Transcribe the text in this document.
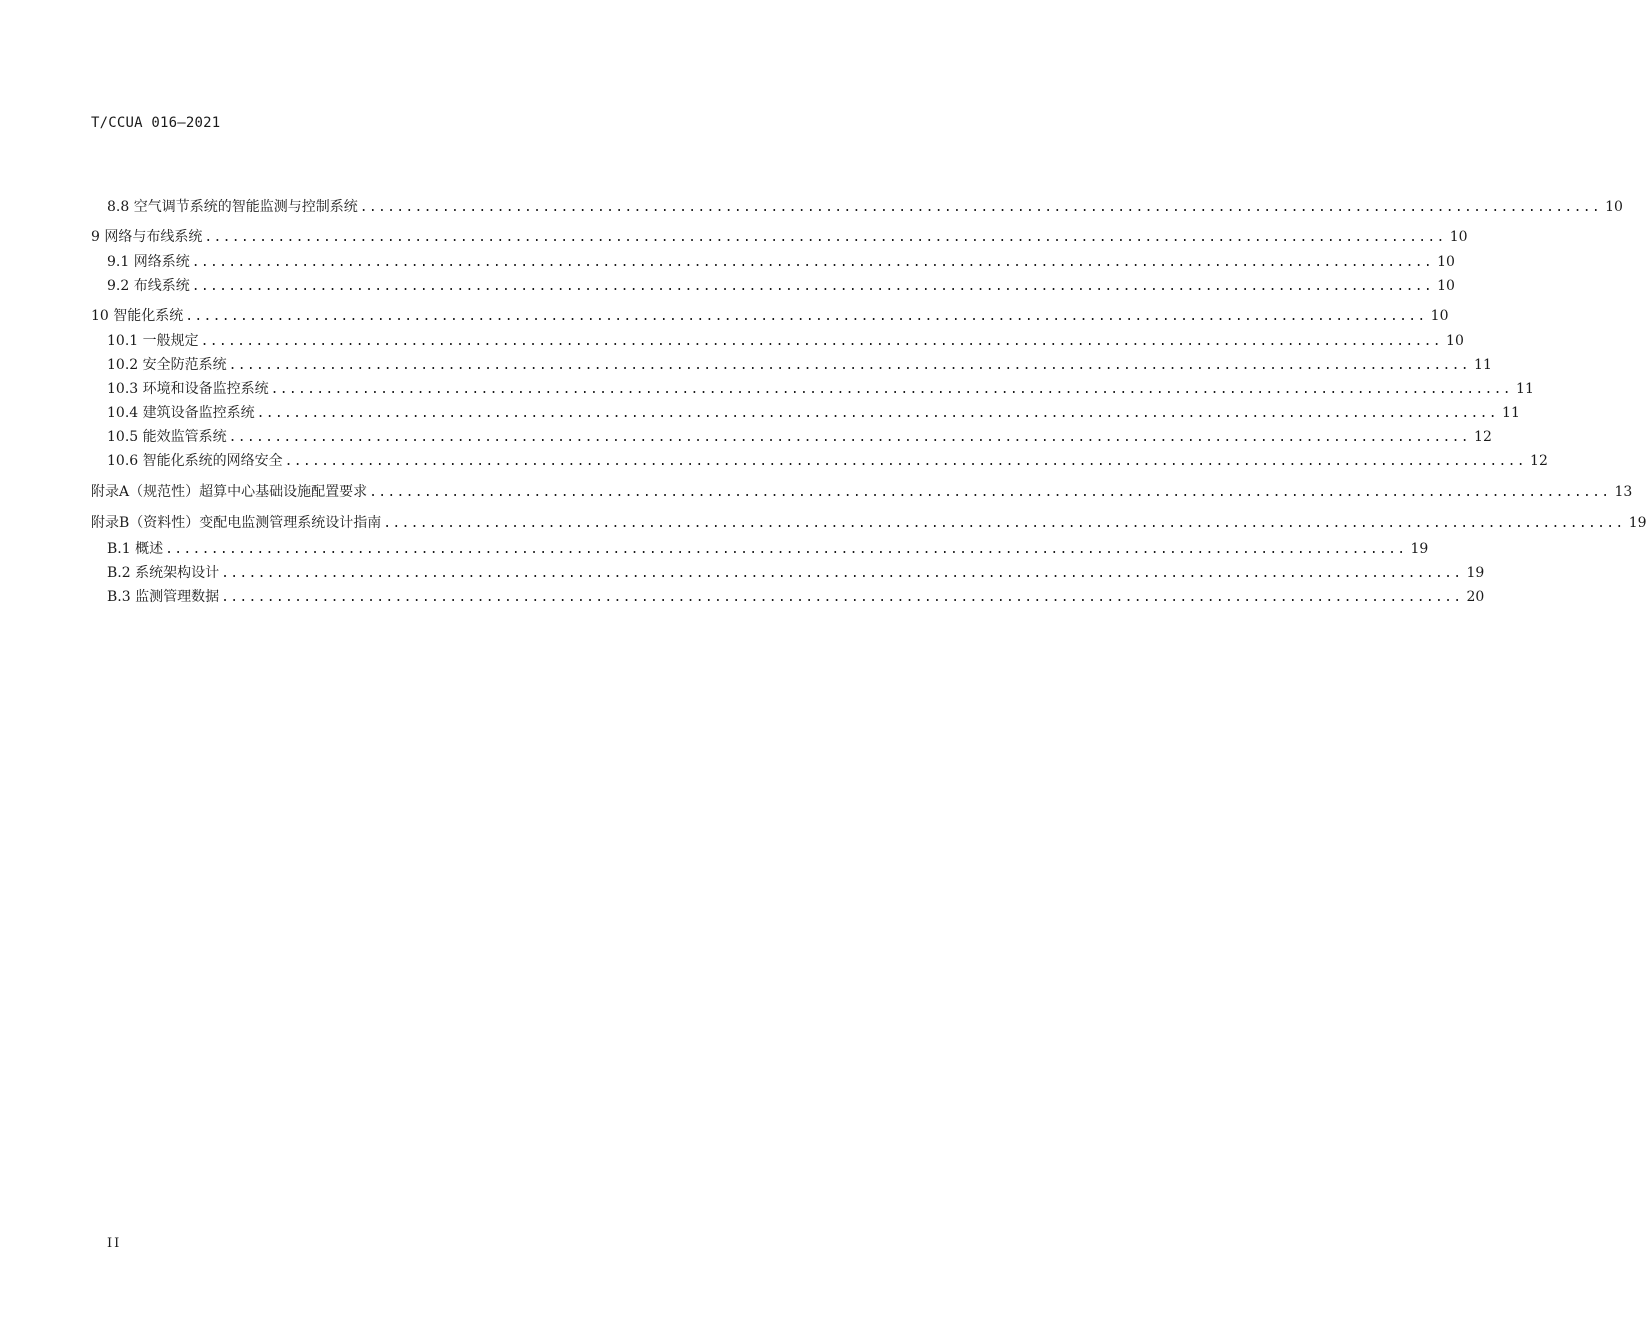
T/CCUA 016—2021
8.8 空气调节系统的智能监测与控制系统 ........................................................................................................................................ 10
9 网络与布线系统 ........................................................................................................................................ 10
9.1 网络系统 ........................................................................................................................................ 10
9.2 布线系统 ........................................................................................................................................ 10
10 智能化系统 ........................................................................................................................................ 10
10.1 一般规定 ........................................................................................................................................ 10
10.2 安全防范系统 ........................................................................................................................................ 11
10.3 环境和设备监控系统 ........................................................................................................................................ 11
10.4 建筑设备监控系统 ........................................................................................................................................ 11
10.5 能效监管系统 ........................................................................................................................................ 12
10.6 智能化系统的网络安全 ........................................................................................................................................ 12
附录A（规范性）超算中心基础设施配置要求 ........................................................................................................................................ 13
附录B（资料性）变配电监测管理系统设计指南 ........................................................................................................................................ 19
B.1 概述 ........................................................................................................................................ 19
B.2 系统架构设计 ........................................................................................................................................ 19
B.3 监测管理数据 ........................................................................................................................................ 20
II
